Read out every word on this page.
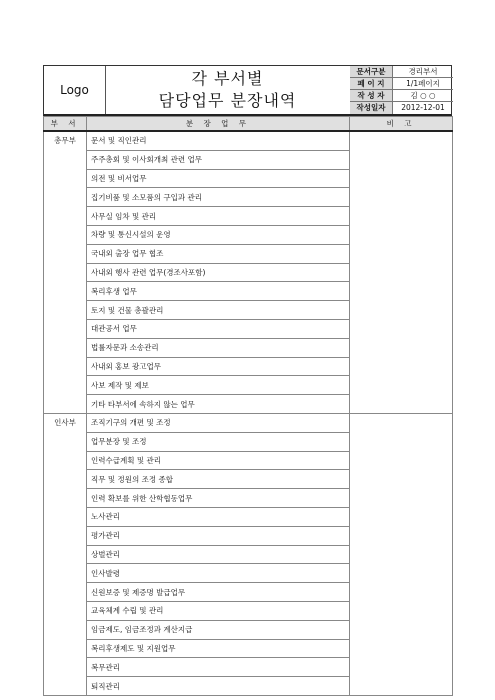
Logo
각 부서별
담당업무 분장내역
문서구분	경리부서
페 이 지	1/1페이지
작 성 자	김 ○ ○
작성일자	2012-12-01
부 서	분 장 업 무	비 고
총무부	문서 및 직인관리	
	주주총회 및 이사회개최 관련 업무	
	의전 및 비서업무	
	집기비품 및 소모품의 구입과 관리	
	사무실 임차 및 관리	
	차량 및 통신시설의 운영	
	국내외 출장 업무 협조	
	사내외 행사 관련 업무(경조사포함)	
	복리후생 업무	
	토지 및 건물 총괄관리	
	대관공서 업무	
	법률자문과 소송관리	
	사내외 홍보 광고업무	
	사보 제작 및 제보	
	기타 타부서에 속하지 않는 업무	
인사부	조직기구의 개편 및 조정	
	업무분장 및 조정	
	인력수급계획 및 관리	
	직무 및 정원의 조정 종합	
	인력 확보를 위한 산학협동업무	
	노사관리	
	평가관리	
	상벌관리	
	인사발령	
	신원보증 및 제증명 발급업무	
	교육체계 수립 및 관리	
	임금제도, 임금조정과 계산지급	
	복리후생제도 및 지원업무	
	복무관리	
	퇴직관리	
